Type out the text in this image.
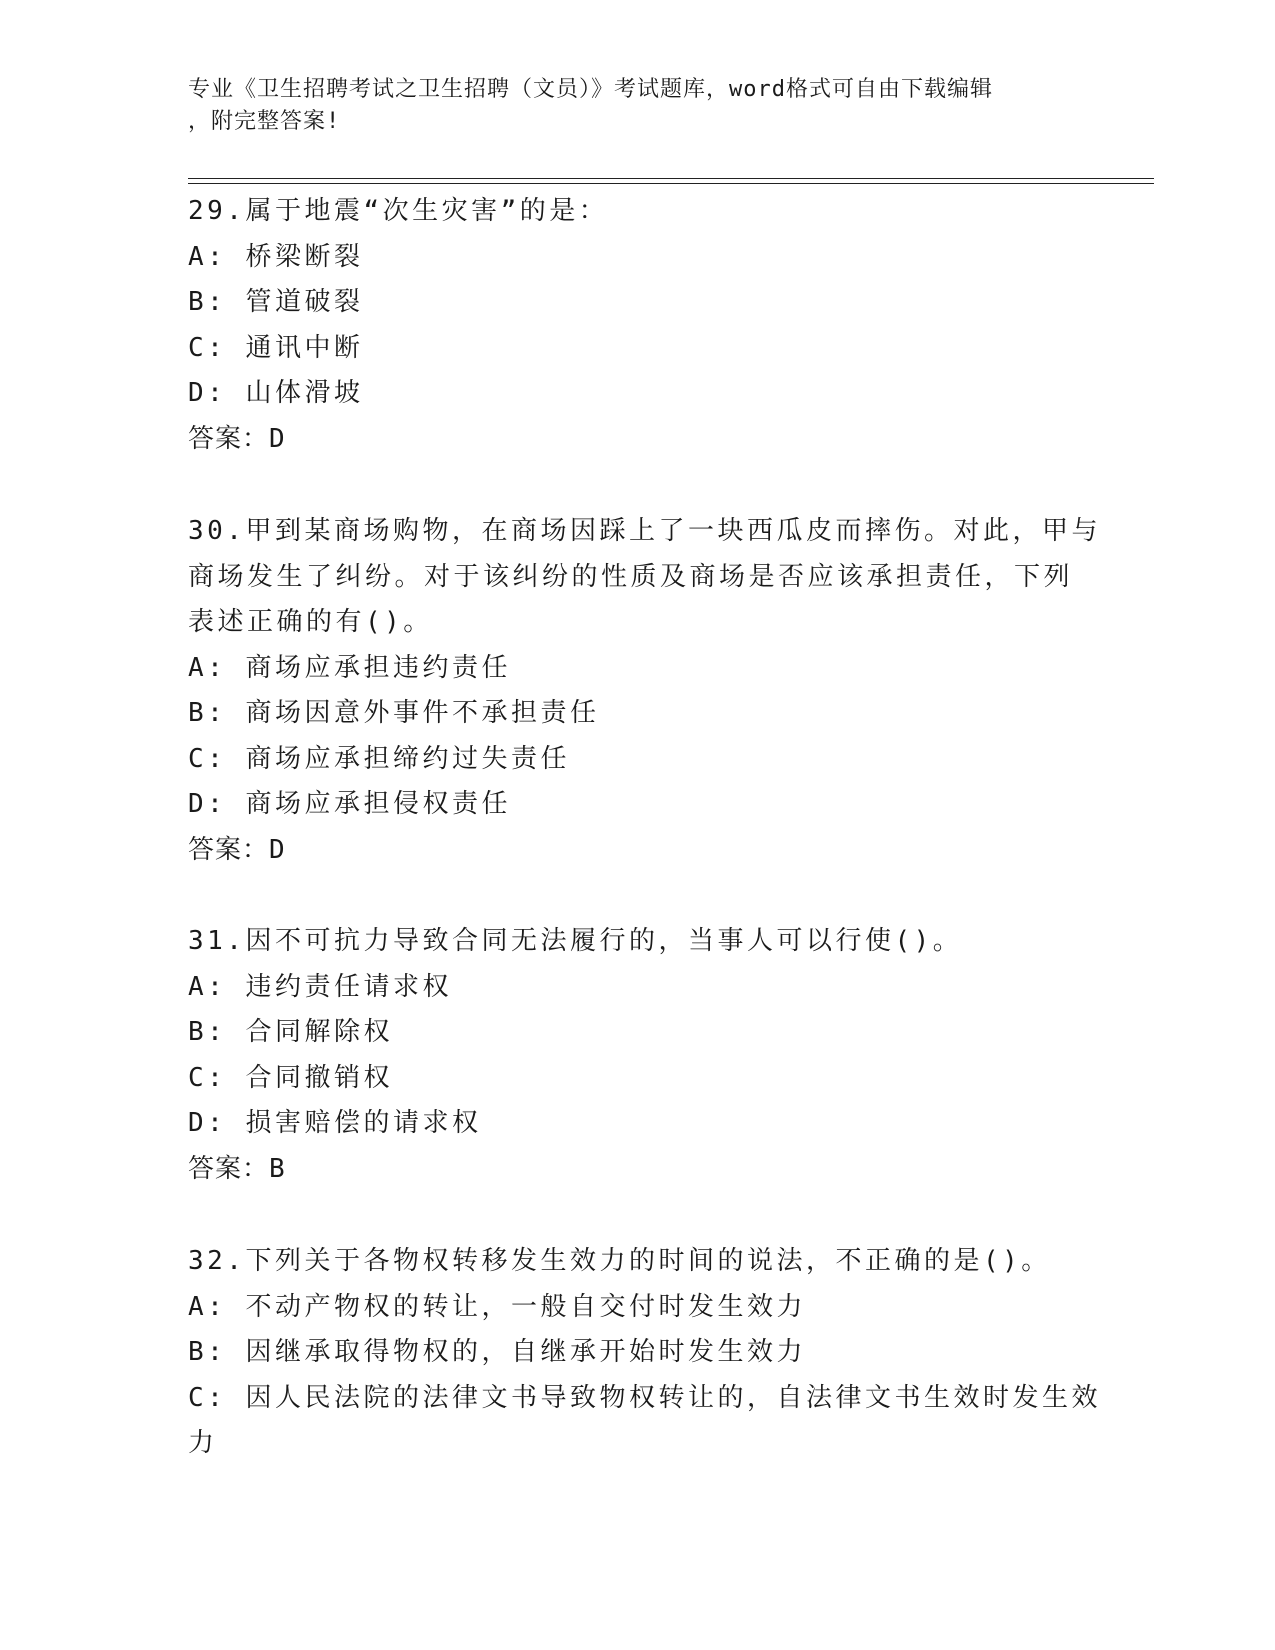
专业《卫生招聘考试之卫生招聘（文员）》考试题库，word格式可自由下载编辑
，附完整答案!
29.属于地震“次生灾害”的是：
A: 桥梁断裂
B: 管道破裂
C: 通讯中断
D: 山体滑坡
答案：D
30.甲到某商场购物，在商场因踩上了一块西瓜皮而摔伤。对此，甲与
商场发生了纠纷。对于该纠纷的性质及商场是否应该承担责任，下列
表述正确的有()。
A: 商场应承担违约责任
B: 商场因意外事件不承担责任
C: 商场应承担缔约过失责任
D: 商场应承担侵权责任
答案：D
31.因不可抗力导致合同无法履行的，当事人可以行使()。
A: 违约责任请求权
B: 合同解除权
C: 合同撤销权
D: 损害赔偿的请求权
答案：B
32.下列关于各物权转移发生效力的时间的说法，不正确的是()。
A: 不动产物权的转让，一般自交付时发生效力
B: 因继承取得物权的，自继承开始时发生效力
C: 因人民法院的法律文书导致物权转让的，自法律文书生效时发生效
力
